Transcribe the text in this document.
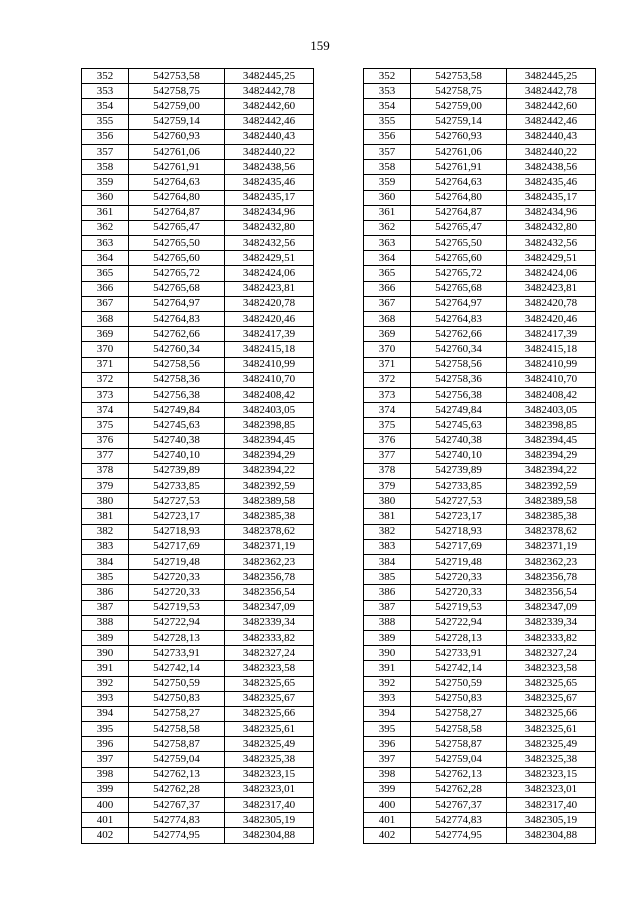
159
352	542753,58	3482445,25		352	542753,58	3482445,25
353	542758,75	3482442,78		353	542758,75	3482442,78
354	542759,00	3482442,60		354	542759,00	3482442,60
355	542759,14	3482442,46		355	542759,14	3482442,46
356	542760,93	3482440,43		356	542760,93	3482440,43
357	542761,06	3482440,22		357	542761,06	3482440,22
358	542761,91	3482438,56		358	542761,91	3482438,56
359	542764,63	3482435,46		359	542764,63	3482435,46
360	542764,80	3482435,17		360	542764,80	3482435,17
361	542764,87	3482434,96		361	542764,87	3482434,96
362	542765,47	3482432,80		362	542765,47	3482432,80
363	542765,50	3482432,56		363	542765,50	3482432,56
364	542765,60	3482429,51		364	542765,60	3482429,51
365	542765,72	3482424,06		365	542765,72	3482424,06
366	542765,68	3482423,81		366	542765,68	3482423,81
367	542764,97	3482420,78		367	542764,97	3482420,78
368	542764,83	3482420,46		368	542764,83	3482420,46
369	542762,66	3482417,39		369	542762,66	3482417,39
370	542760,34	3482415,18		370	542760,34	3482415,18
371	542758,56	3482410,99		371	542758,56	3482410,99
372	542758,36	3482410,70		372	542758,36	3482410,70
373	542756,38	3482408,42		373	542756,38	3482408,42
374	542749,84	3482403,05		374	542749,84	3482403,05
375	542745,63	3482398,85		375	542745,63	3482398,85
376	542740,38	3482394,45		376	542740,38	3482394,45
377	542740,10	3482394,29		377	542740,10	3482394,29
378	542739,89	3482394,22		378	542739,89	3482394,22
379	542733,85	3482392,59		379	542733,85	3482392,59
380	542727,53	3482389,58		380	542727,53	3482389,58
381	542723,17	3482385,38		381	542723,17	3482385,38
382	542718,93	3482378,62		382	542718,93	3482378,62
383	542717,69	3482371,19		383	542717,69	3482371,19
384	542719,48	3482362,23		384	542719,48	3482362,23
385	542720,33	3482356,78		385	542720,33	3482356,78
386	542720,33	3482356,54		386	542720,33	3482356,54
387	542719,53	3482347,09		387	542719,53	3482347,09
388	542722,94	3482339,34		388	542722,94	3482339,34
389	542728,13	3482333,82		389	542728,13	3482333,82
390	542733,91	3482327,24		390	542733,91	3482327,24
391	542742,14	3482323,58		391	542742,14	3482323,58
392	542750,59	3482325,65		392	542750,59	3482325,65
393	542750,83	3482325,67		393	542750,83	3482325,67
394	542758,27	3482325,66		394	542758,27	3482325,66
395	542758,58	3482325,61		395	542758,58	3482325,61
396	542758,87	3482325,49		396	542758,87	3482325,49
397	542759,04	3482325,38		397	542759,04	3482325,38
398	542762,13	3482323,15		398	542762,13	3482323,15
399	542762,28	3482323,01		399	542762,28	3482323,01
400	542767,37	3482317,40		400	542767,37	3482317,40
401	542774,83	3482305,19		401	542774,83	3482305,19
402	542774,95	3482304,88		402	542774,95	3482304,88
